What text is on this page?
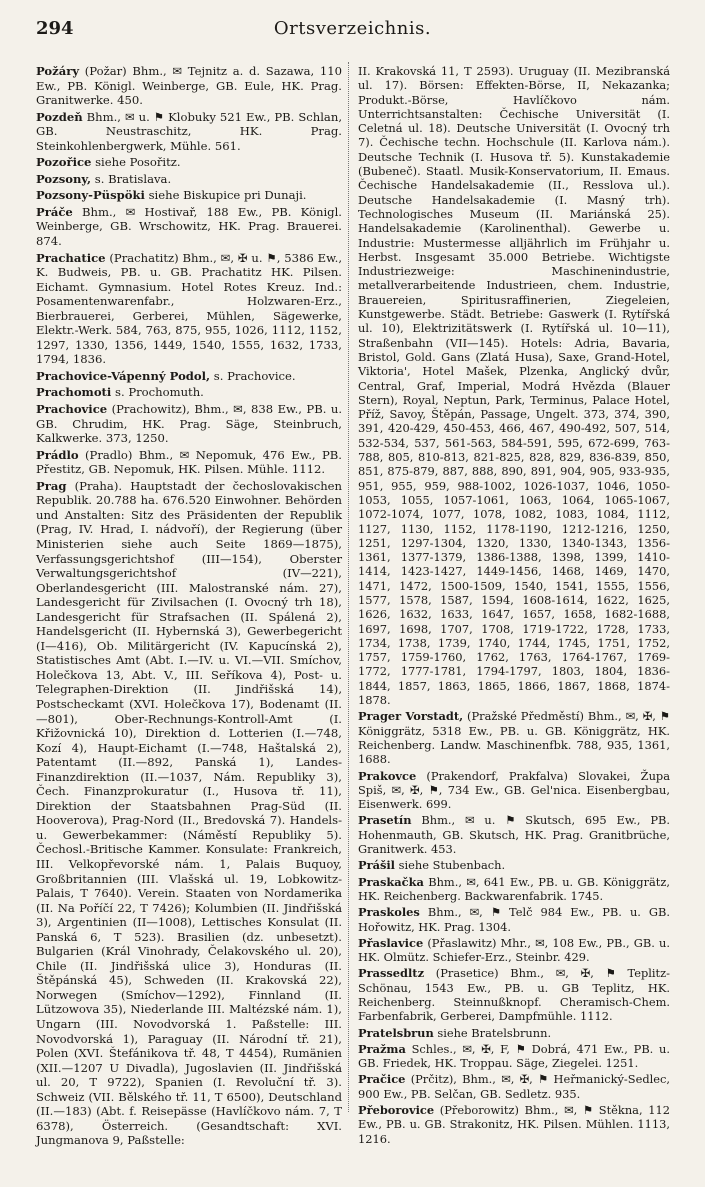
294	Ortsverzeichnis.

Požáry (Požar) Bhm., ✉ Tejnitz a. d. Sazawa, 110 Ew., PB. Königl. Weinberge, GB. Eule, HK. Prag. Granitwerke. 450.

Pozdeň Bhm., ✉ u. ⚑ Klobuky 521 Ew., PB. Schlan, GB. Neustraschitz, HK. Prag. Steinkohlenbergwerk, Mühle. 561.

Pozořice siehe Posořitz.

Pozsony, s. Bratislava.

Pozsony-Püspöki siehe Biskupice pri Dunaji.

Práče Bhm., ✉ Hostivař, 188 Ew., PB. Königl. Weinberge, GB. Wrschowitz, HK. Prag. Brauerei. 874.

Prachatice (Prachatitz) Bhm., ✉, ✠ u. ⚑, 5386 Ew., K. Budweis, PB. u. GB. Prachatitz HK. Pilsen. Eichamt. Gymnasium. Hotel Rotes Kreuz. Ind.: Posamentenwarenfabr., Holzwaren-Erz., Bierbrauerei, Gerberei, Mühlen, Sägewerke, Elektr.-Werk. 584, 763, 875, 955, 1026, 1112, 1152, 1297, 1330, 1356, 1449, 1540, 1555, 1632, 1733, 1794, 1836.

Prachovice-Vápenný Podol, s. Prachovice.

Prachomoti s. Prochomuth.

Prachovice (Prachowitz), Bhm., ✉, 838 Ew., PB. u. GB. Chrudim, HK. Prag. Säge, Steinbruch, Kalkwerke. 373, 1250.

Prádlo (Pradlo) Bhm., ✉ Nepomuk, 476 Ew., PB. Přestitz, GB. Nepomuk, HK. Pilsen. Mühle. 1112.

Prag (Praha). Hauptstadt der čechoslovakischen Republik. 20.788 ha. 676.520 Einwohner. Behörden und Anstalten: Sitz des Präsidenten der Republik (Prag, IV. Hrad, I. nádvoří), der Regierung (über Ministerien siehe auch Seite 1869—1875), Verfassungsgerichtshof (III—154), Oberster Verwaltungsgerichtshof (IV—221), Oberlandesgericht (III. Malostranské nám. 27), Landesgericht für Zivilsachen (I. Ovocný trh 18), Landesgericht für Strafsachen (II. Spálená 2), Handelsgericht (II. Hybernská 3), Gewerbegericht (I—416), Ob. Militärgericht (IV. Kapucínská 2), Statistisches Amt (Abt. I.—IV. u. VI.—VII. Smíchov, Holečkova 13, Abt. V., III. Seříkova 4), Post- u. Telegraphen-Direktion (II. Jindřišská 14), Postscheckamt (XVI. Holečkova 17), Bodenamt (II.—801), Ober-Rechnungs-Kontroll-Amt (I. Křižovnická 10), Direktion d. Lotterien (I.—748, Kozí 4), Haupt-Eichamt (I.—748, Haštalská 2), Patentamt (II.—892, Panská 1), Landes-Finanzdirektion (II.—1037, Nám. Republiky 3), Čech. Finanzprokuratur (I., Husova tř. 11), Direktion der Staatsbahnen Prag-Süd (II. Hooverova), Prag-Nord (II., Bredovská 7). Handels- u. Gewerbekammer: (Náměstí Republiky 5). Čechosl.-Britische Kammer. Konsulate: Frankreich, III. Velkopřevorské nám. 1, Palais Buquoy, Großbritannien (III. Vlašská ul. 19, Lobkowitz-Palais, T 7640). Verein. Staaten von Nordamerika (II. Na Poříčí 22, T 7426); Kolumbien (II. Jindřišská 3), Argentinien (II—1008), Lettisches Konsulat (II. Panská 6, T 523). Brasilien (dz. unbesetzt). Bulgarien (Král Vinohrady, Čelakovského ul. 20), Chile (II. Jindřišská ulice 3), Honduras (II. Štěpánská 45), Schweden (II. Krakovská 22), Norwegen (Smíchov—1292), Finnland (II. Lützowova 35), Niederlande III. Maltézské nám. 1), Ungarn (III. Novodvorská 1. Paßstelle: III. Novodvorská 1), Paraguay (II. Národní tř. 21), Polen (XVI. Štefánikova tř. 48, T 4454), Rumänien (XII.—1207 U Divadla), Jugoslavien (II. Jindřišská ul. 20, T 9722), Spanien (I. Revoluční tř. 3). Schweiz (VII. Bělského tř. 11, T 6500), Deutschland (II.—183) (Abt. f. Reisepässe (Havlíčkovo nám. 7, T 6378), Österreich. (Gesandtschaft: XVI. Jungmanova 9, Paßstelle:

II. Krakovská 11, T 2593). Uruguay (II. Mezibranská ul. 17). Börsen: Effekten-Börse, II, Nekazanka; Produkt.-Börse, Havlíčkovo nám. Unterrichtsanstalten: Čechische Universität (I. Celetná ul. 18). Deutsche Universität (I. Ovocný trh 7). Čechische techn. Hochschule (II. Karlova nám.). Deutsche Technik (I. Husova tř. 5). Kunstakademie (Bubeneč). Staatl. Musik-Konservatorium, II. Emaus. Čechische Handelsakademie (II., Resslova ul.). Deutsche Handelsakademie (I. Masný trh). Technologisches Museum (II. Mariánská 25). Handelsakademie (Karolinenthal). Gewerbe u. Industrie: Mustermesse alljährlich im Frühjahr u. Herbst. Insgesamt 35.000 Betriebe. Wichtigste Industriezweige: Maschinenindustrie, metallverarbeitende Industrieen, chem. Industrie, Brauereien, Spiritusraffinerien, Ziegeleien, Kunstgewerbe. Städt. Betriebe: Gaswerk (I. Rytířská ul. 10), Elektrizitätswerk (I. Rytířská ul. 10—11), Straßenbahn (VII—145). Hotels: Adria, Bavaria, Bristol, Gold. Gans (Zlatá Husa), Saxe, Grand-Hotel, Viktoria', Hotel Mašek, Plzenka, Anglický dvůr, Central, Graf, Imperial, Modrá Hvězda (Blauer Stern), Royal, Neptun, Park, Terminus, Palace Hotel, Příž, Savoy, Štěpán, Passage, Ungelt. 373, 374, 390, 391, 420-429, 450-453, 466, 467, 490-492, 507, 514, 532-534, 537, 561-563, 584-591, 595, 672-699, 763-788, 805, 810-813, 821-825, 828, 829, 836-839, 850, 851, 875-879, 887, 888, 890, 891, 904, 905, 933-935, 951, 955, 959, 988-1002, 1026-1037, 1046, 1050-1053, 1055, 1057-1061, 1063, 1064, 1065-1067, 1072-1074, 1077, 1078, 1082, 1083, 1084, 1112, 1127, 1130, 1152, 1178-1190, 1212-1216, 1250, 1251, 1297-1304, 1320, 1330, 1340-1343, 1356-1361, 1377-1379, 1386-1388, 1398, 1399, 1410-1414, 1423-1427, 1449-1456, 1468, 1469, 1470, 1471, 1472, 1500-1509, 1540, 1541, 1555, 1556, 1577, 1578, 1587, 1594, 1608-1614, 1622, 1625, 1626, 1632, 1633, 1647, 1657, 1658, 1682-1688, 1697, 1698, 1707, 1708, 1719-1722, 1728, 1733, 1734, 1738, 1739, 1740, 1744, 1745, 1751, 1752, 1757, 1759-1760, 1762, 1763, 1764-1767, 1769-1772, 1777-1781, 1794-1797, 1803, 1804, 1836-1844, 1857, 1863, 1865, 1866, 1867, 1868, 1874-1878.

Prager Vorstadt, (Pražské Předměstí) Bhm., ✉, ✠, ⚑ Königgrätz, 5318 Ew., PB. u. GB. Königgrätz, HK. Reichenberg. Landw. Maschinenfbk. 788, 935, 1361, 1688.

Prakovce (Prakendorf, Prakfalva) Slovakei, Župa Spiš, ✉, ✠, ⚑, 734 Ew., GB. Gel'nica. Eisenbergbau, Eisenwerk. 699.

Prasetín Bhm., ✉ u. ⚑ Skutsch, 695 Ew., PB. Hohenmauth, GB. Skutsch, HK. Prag. Granitbrüche, Granitwerk. 453.

Prášil siehe Stubenbach.

Praskačka Bhm., ✉, 641 Ew., PB. u. GB. Königgrätz, HK. Reichenberg. Backwarenfabrik. 1745.

Praskoles Bhm., ✉, ⚑ Telč 984 Ew., PB. u. GB. Hořowitz, HK. Prag. 1304.

Přaslavice (Přaslawitz) Mhr., ✉, 108 Ew., PB., GB. u. HK. Olmütz. Schiefer-Erz., Steinbr. 429.

Prassedltz (Prasetice) Bhm., ✉, ✠, ⚑ Teplitz-Schönau, 1543 Ew., PB. u. GB Teplitz, HK. Reichenberg. Steinnußknopf. Cheramisch-Chem. Farbenfabrik, Gerberei, Dampfmühle. 1112.

Pratelsbrun siehe Bratelsbrunn.

Pražma Schles., ✉, ✠, F, ⚑ Dobrá, 471 Ew., PB. u. GB. Friedek, HK. Troppau. Säge, Ziegelei. 1251.

Pračice (Prčitz), Bhm., ✉, ✠, ⚑ Heřmanický-Sedlec, 900 Ew., PB. Selčan, GB. Sedletz. 935.

Přeborovice (Přeborowitz) Bhm., ✉, ⚑ Stěkna, 112 Ew., PB. u. GB. Strakonitz, HK. Pilsen. Mühlen. 1113, 1216.
